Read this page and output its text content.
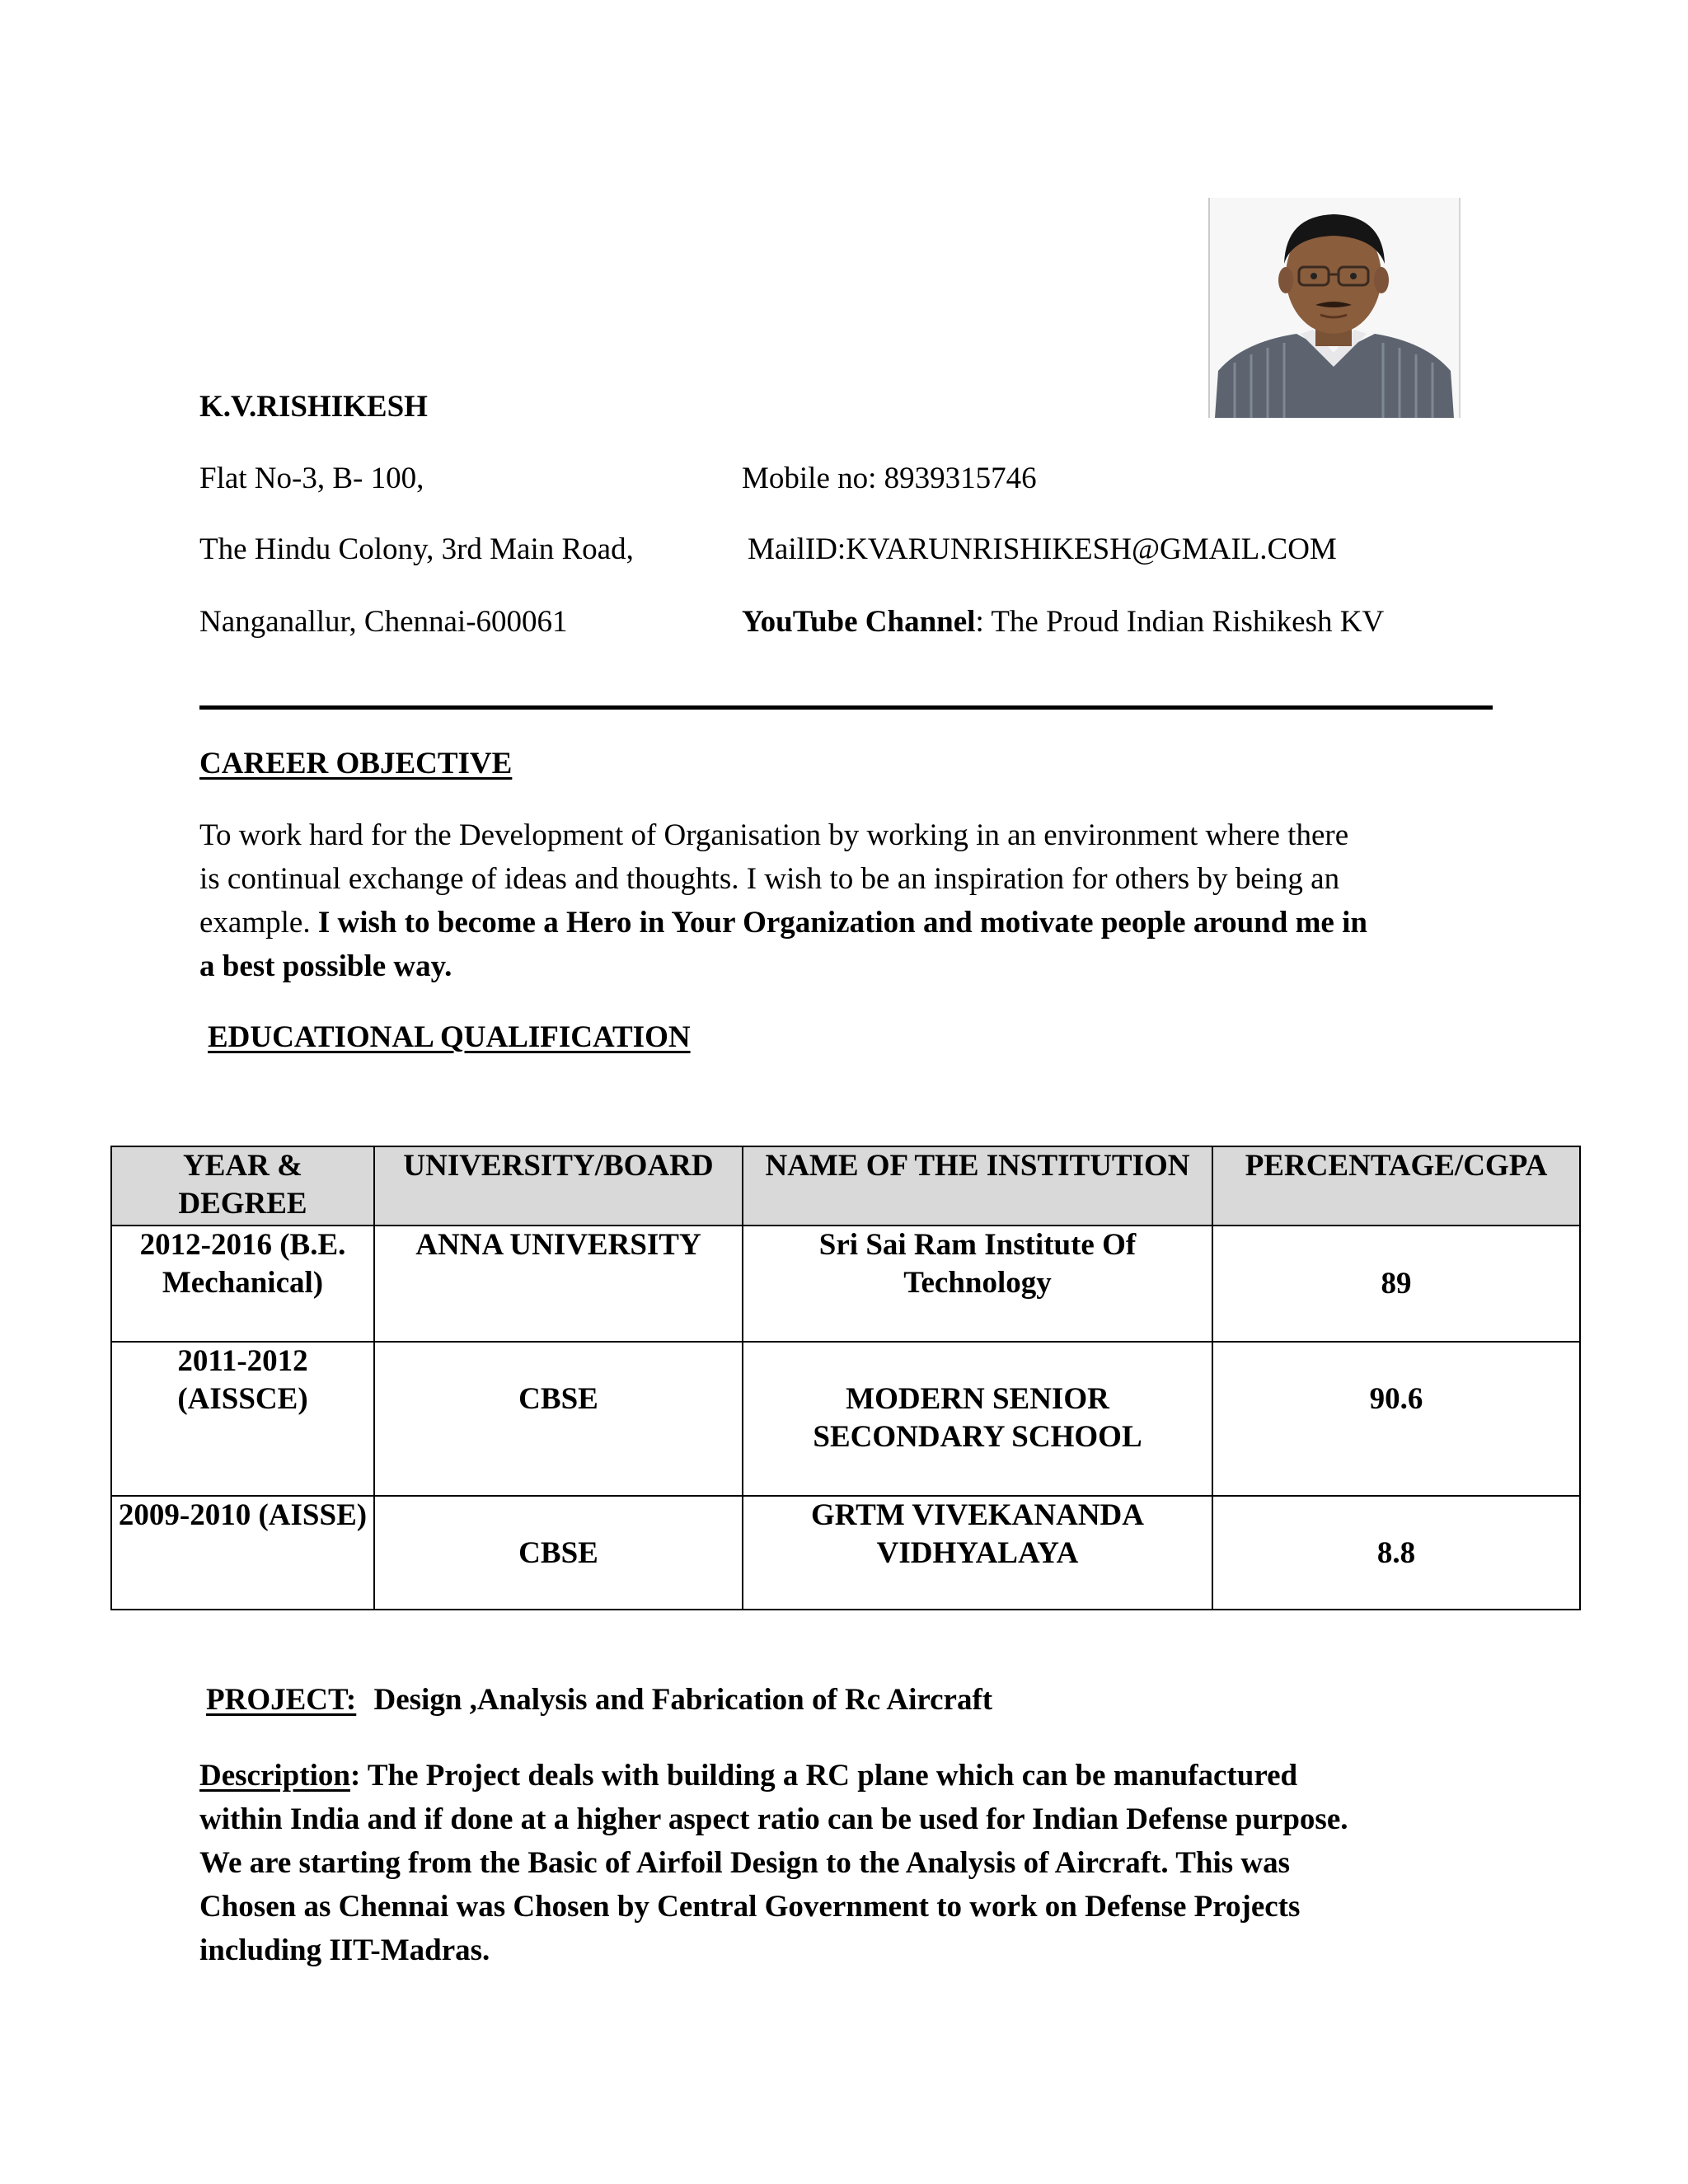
K.V.RISHIKESH
Flat No-3, B- 100,
The Hindu Colony, 3rd Main Road,
Nanganallur, Chennai-600061
Mobile no: 8939315746
MailID:KVARUNRISHIKESH@GMAIL.COM
YouTube Channel: The Proud Indian Rishikesh KV
CAREER OBJECTIVE
To work hard for the Development of Organisation by working in an environment where there
is continual exchange of ideas and thoughts. I wish to be an inspiration for others by being an
example. I wish to become a Hero in Your Organization and motivate people around me in
a best possible way.
EDUCATIONAL QUALIFICATION
YEAR & DEGREE	UNIVERSITY/BOARD	NAME OF THE INSTITUTION	PERCENTAGE/CGPA
2012-2016 (B.E. Mechanical)	ANNA UNIVERSITY	Sri Sai Ram Institute Of Technology	89
2011-2012 (AISSCE)	CBSE	MODERN SENIOR SECONDARY SCHOOL	90.6
2009-2010 (AISSE)	CBSE	GRTM VIVEKANANDA VIDHYALAYA	8.8
PROJECT: Design ,Analysis and Fabrication of Rc Aircraft
Description: The Project deals with building a RC plane which can be manufactured
within India and if done at a higher aspect ratio can be used for Indian Defense purpose.
We are starting from the Basic of Airfoil Design to the Analysis of Aircraft. This was
Chosen as Chennai was Chosen by Central Government to work on Defense Projects
including IIT-Madras.
